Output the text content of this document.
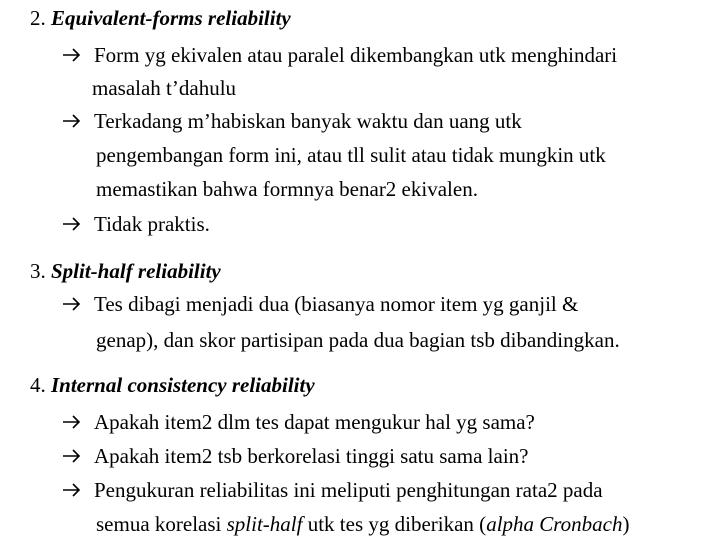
2. Equivalent-forms reliability
Form yg ekivalen atau paralel dikembangkan utk menghindari
masalah t’dahulu
Terkadang m’habiskan banyak waktu dan uang utk
pengembangan form ini, atau tll sulit atau tidak mungkin utk
memastikan bahwa formnya benar2 ekivalen.
Tidak praktis.
3. Split-half reliability
Tes dibagi menjadi dua (biasanya nomor item yg ganjil &
genap), dan skor partisipan pada dua bagian tsb dibandingkan.
4. Internal consistency reliability
Apakah item2 dlm tes dapat mengukur hal yg sama?
Apakah item2 tsb berkorelasi tinggi satu sama lain?
Pengukuran reliabilitas ini meliputi penghitungan rata2 pada
semua korelasi split-half utk tes yg diberikan (alpha Cronbach)
